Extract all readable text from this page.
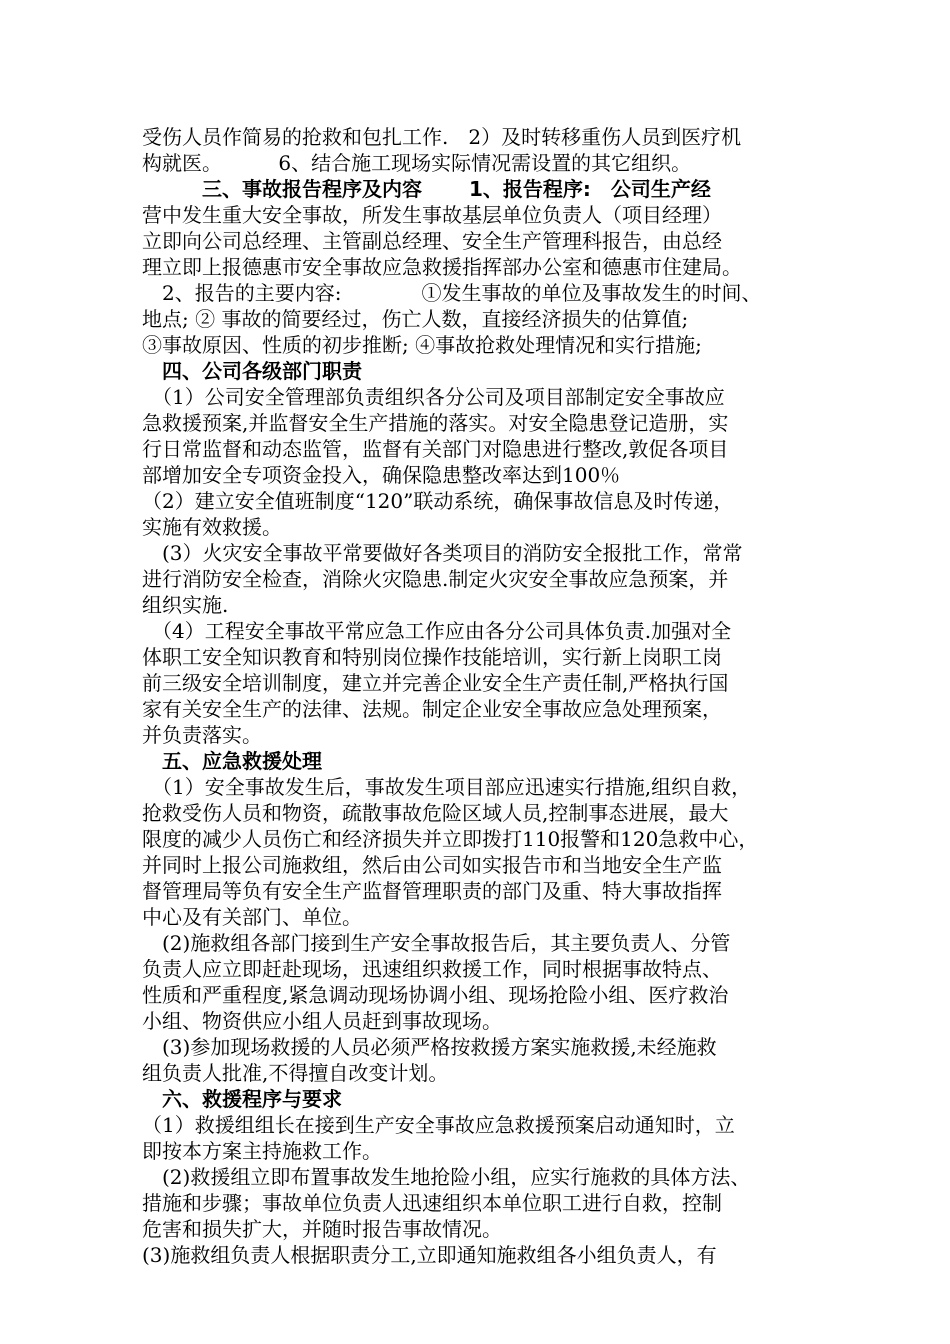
受伤人员作简易的抢救和包扎工作.　2）及时转移重伤人员到医疗机
构就医。　　　 6、结合施工现场实际情况需设置的其它组织。
　　　三、事故报告程序及内容　　 1、报告程序:　公司生产经
营中发生重大安全事故，所发生事故基层单位负责人（项目经理）
立即向公司总经理、主管副总经理、安全生产管理科报告，由总经
理立即上报德惠市安全事故应急救援指挥部办公室和德惠市住建局。
　2、报告的主要内容:　　　　①发生事故的单位及事故发生的时间、
地点; ② 事故的简要经过，伤亡人数，直接经济损失的估算值;
③事故原因、性质的初步推断; ④事故抢救处理情况和实行措施;
　四、公司各级部门职责
　（1）公司安全管理部负责组织各分公司及项目部制定安全事故应
急救援预案,并监督安全生产措施的落实。对安全隐患登记造册，实
行日常监督和动态监管，监督有关部门对隐患进行整改,敦促各项目
部增加安全专项资金投入，确保隐患整改率达到100％
（2）建立安全值班制度“120”联动系统，确保事故信息及时传递，
实施有效救援。
　(3）火灾安全事故平常要做好各类项目的消防安全报批工作，常常
进行消防安全检查，消除火灾隐患.制定火灾安全事故应急预案，并
组织实施.
　（4）工程安全事故平常应急工作应由各分公司具体负责.加强对全
体职工安全知识教育和特别岗位操作技能培训，实行新上岗职工岗
前三级安全培训制度，建立并完善企业安全生产责任制,严格执行国
家有关安全生产的法律、法规。制定企业安全事故应急处理预案，
并负责落实。
　五、应急救援处理
　（1）安全事故发生后，事故发生项目部应迅速实行措施,组织自救，
抢救受伤人员和物资，疏散事故危险区域人员,控制事态进展，最大
限度的减少人员伤亡和经济损失并立即拨打110报警和120急救中心，
并同时上报公司施救组，然后由公司如实报告市和当地安全生产监
督管理局等负有安全生产监督管理职责的部门及重、特大事故指挥
中心及有关部门、单位。
　(2)施救组各部门接到生产安全事故报告后，其主要负责人、分管
负责人应立即赶赴现场，迅速组织救援工作，同时根据事故特点、
性质和严重程度,紧急调动现场协调小组、现场抢险小组、医疗救治
小组、物资供应小组人员赶到事故现场。
　(3)参加现场救援的人员必须严格按救援方案实施救援,未经施救
组负责人批准,不得擅自改变计划。
　六、救援程序与要求
（1）救援组组长在接到生产安全事故应急救援预案启动通知时，立
即按本方案主持施救工作。
　(2)救援组立即布置事故发生地抢险小组，应实行施救的具体方法、
措施和步骤；事故单位负责人迅速组织本单位职工进行自救，控制
危害和损失扩大，并随时报告事故情况。
(3)施救组负责人根据职责分工,立即通知施救组各小组负责人，有
